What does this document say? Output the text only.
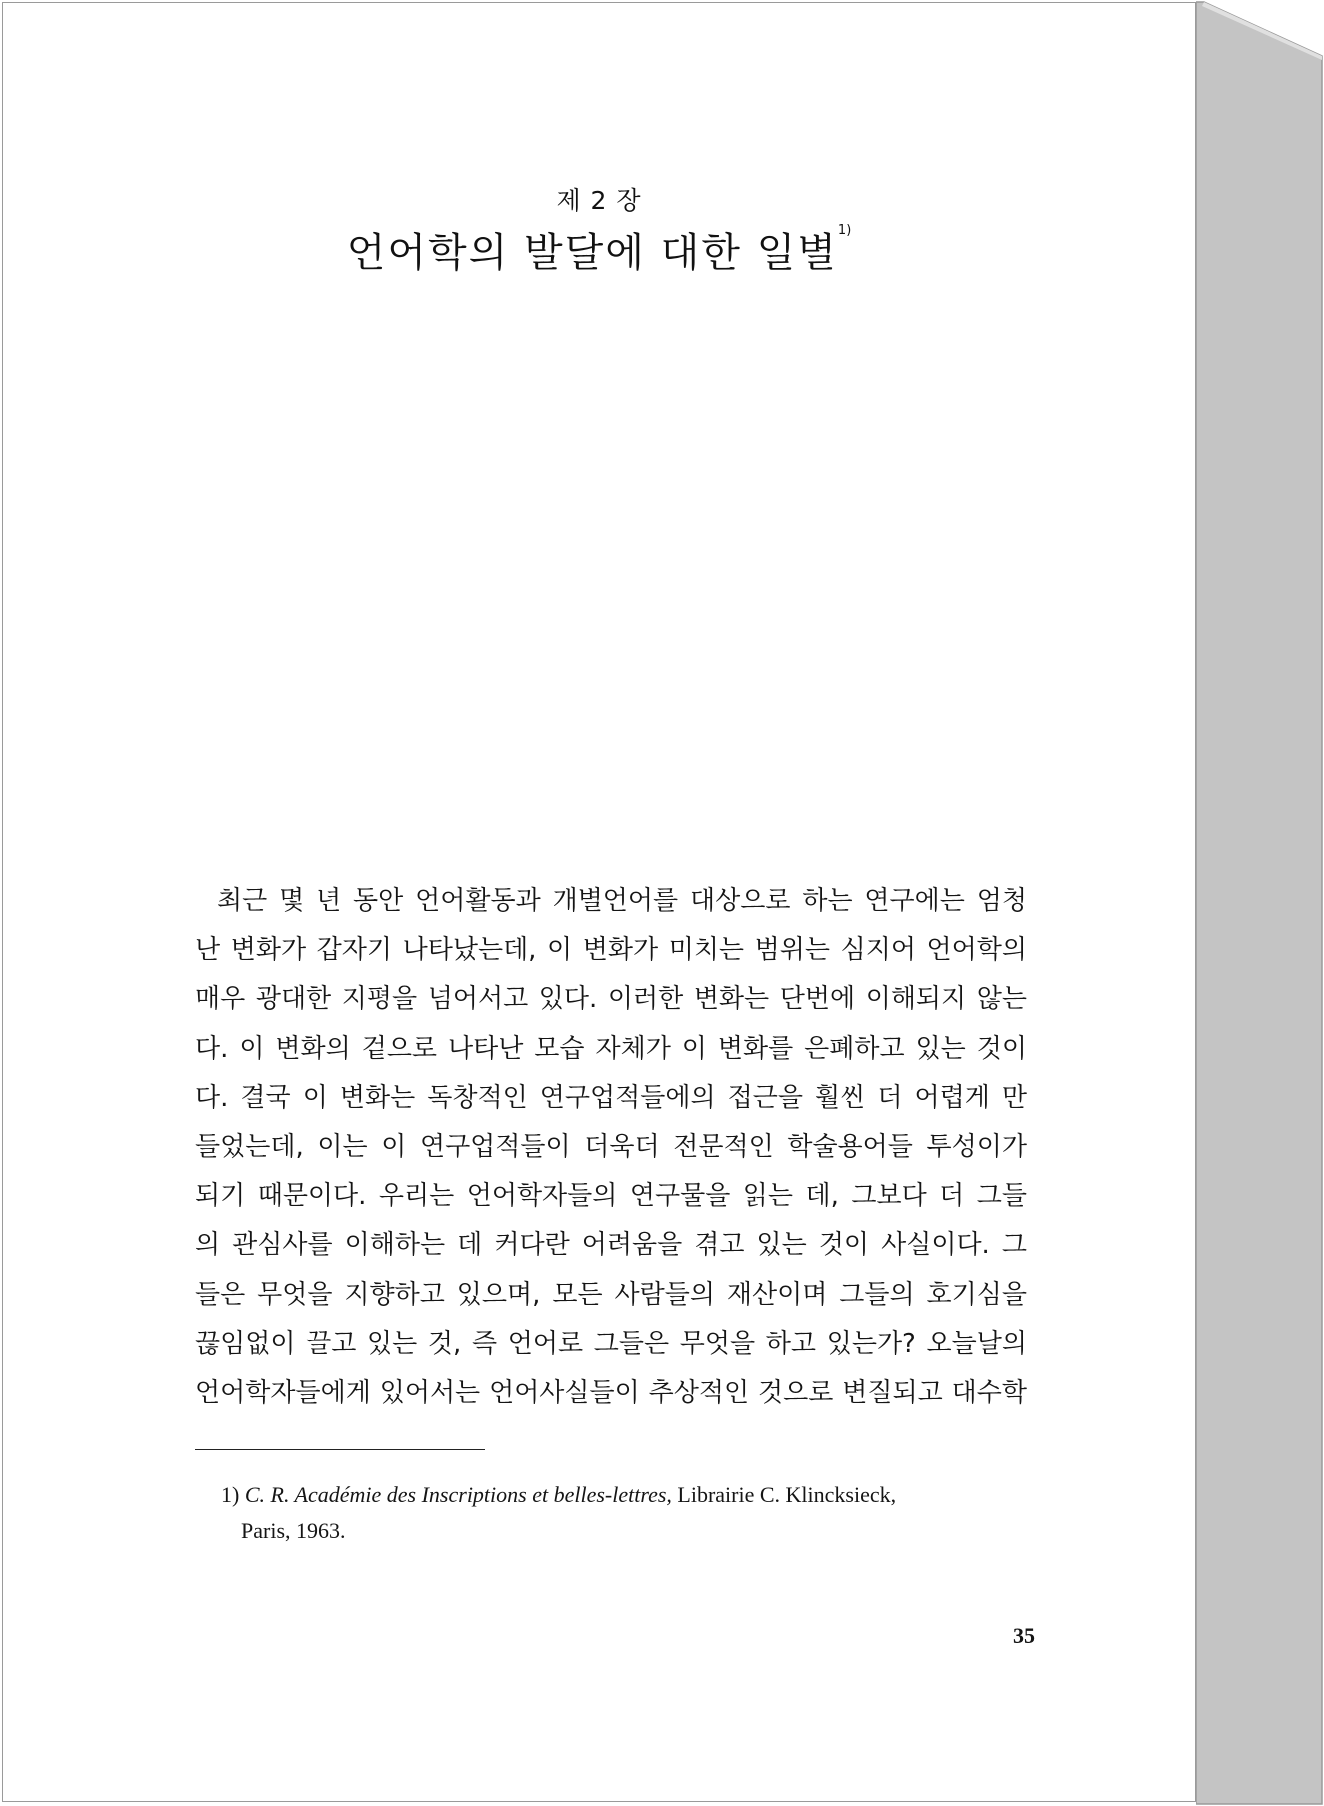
제 2 장
언어학의 발달에 대한 일별$^{1)}$
최근 몇 년 동안 언어활동과 개별언어를 대상으로 하는 연구에는 엄청
난 변화가 갑자기 나타났는데, 이 변화가 미치는 범위는 심지어 언어학의
매우 광대한 지평을 넘어서고 있다. 이러한 변화는 단번에 이해되지 않는
다. 이 변화의 겉으로 나타난 모습 자체가 이 변화를 은폐하고 있는 것이
다. 결국 이 변화는 독창적인 연구업적들에의 접근을 훨씬 더 어렵게 만
들었는데, 이는 이 연구업적들이 더욱더 전문적인 학술용어들 투성이가
되기 때문이다. 우리는 언어학자들의 연구물을 읽는 데, 그보다 더 그들
의 관심사를 이해하는 데 커다란 어려움을 겪고 있는 것이 사실이다. 그
들은 무엇을 지향하고 있으며, 모든 사람들의 재산이며 그들의 호기심을
끊임없이 끌고 있는 것, 즉 언어로 그들은 무엇을 하고 있는가? 오늘날의
언어학자들에게 있어서는 언어사실들이 추상적인 것으로 변질되고 대수학
1) C. R. Académie des Inscriptions et belles-lettres, Librairie C. Klincksieck,
Paris, 1963.
35
